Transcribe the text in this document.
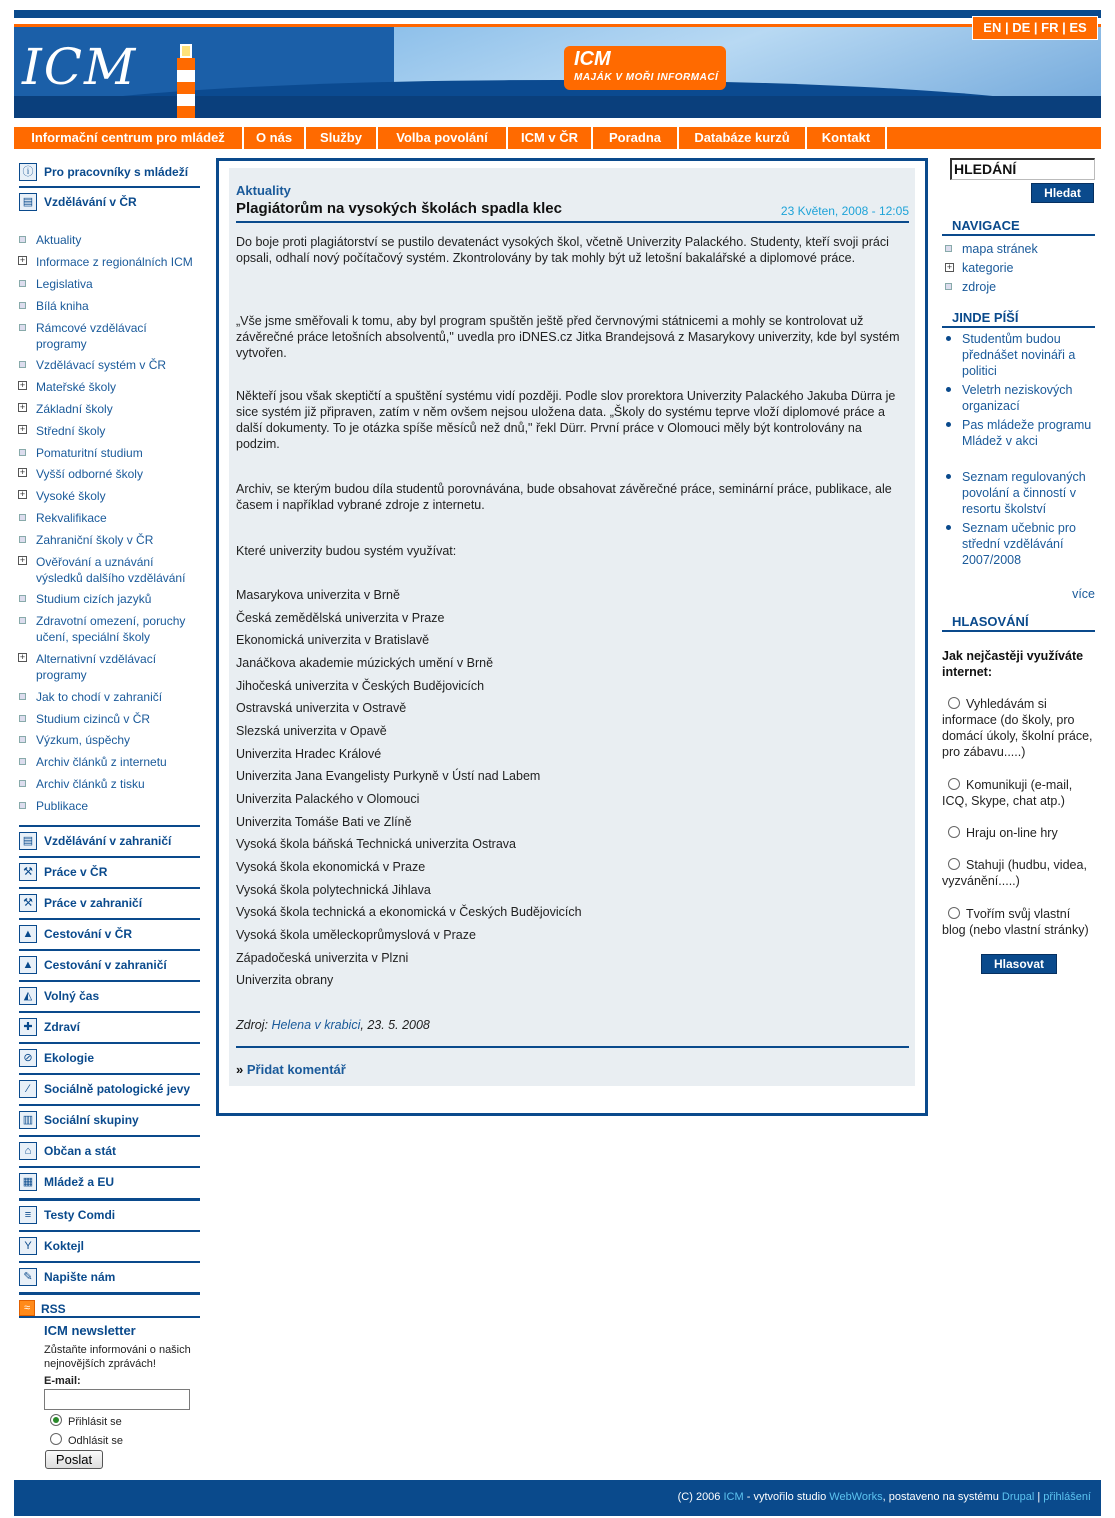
ICM	ICM
MAJÁK V MOŘI INFORMACÍ
EN | DE | FR | ES
Informační centrum pro mládež	O nás	Služby	Volba povolání	ICM v ČR	Poradna	Databáze kurzů	Kontakt
ⓘ Pro pracovníky s mládeží
▤ Vzdělávání v ČR
Aktuality
+ Informace z regionálních ICM
Legislativa
Bílá kniha
Rámcové vzdělávací programy
Vzdělávací systém v ČR
+ Mateřské školy
+ Základní školy
+ Střední školy
Pomaturitní studium
+ Vyšší odborné školy
+ Vysoké školy
Rekvalifikace
Zahraniční školy v ČR
+ Ověřování a uznávání výsledků dalšího vzdělávání
Studium cizích jazyků
Zdravotní omezení, poruchy učení, speciální školy
+ Alternativní vzdělávací programy
Jak to chodí v zahraničí
Studium cizinců v ČR
Výzkum, úspěchy
Archiv článků z internetu
Archiv článků z tisku
Publikace
▤ Vzdělávání v zahraničí
⚒ Práce v ČR
⚒ Práce v zahraničí
▲ Cestování v ČR
▲ Cestování v zahraničí
◭ Volný čas
✚ Zdraví
⊘ Ekologie
⁄	Sociálně patologické jevy
▥ Sociální skupiny
⌂	Občan a stát
▦ Mládež a EU
≡	Testy Comdi
Y	Koktejl
✎ Napište nám
≈ RSS
ICM newsletter
Zůstaňte informováni o našich nejnovějších zprávách!
E-mail:
Přihlásit se
Odhlásit se
Poslat
Aktuality
Plagiátorům na vysokých školách spadla klec	23 Květen, 2008 - 12:05
Do boje proti plagiátorství se pustilo devatenáct vysokých škol, včetně Univerzity Palackého. Studenty, kteří svoji práci opsali, odhalí nový počítačový systém. Zkontrolovány by tak mohly být už letošní bakalářské a diplomové práce.
„Vše jsme směřovali k tomu, aby byl program spuštěn ještě před červnovými státnicemi a mohly se kontrolovat už závěrečné práce letošních absolventů," uvedla pro iDNES.cz Jitka Brandejsová z Masarykovy univerzity, kde byl systém vytvořen.
Někteří jsou však skeptičtí a spuštění systému vidí později. Podle slov prorektora Univerzity Palackého Jakuba Dürra je sice systém již připraven, zatím v něm ovšem nejsou uložena data. „Školy do systému teprve vloží diplomové práce a další dokumenty. To je otázka spíše měsíců než dnů," řekl Dürr. První práce v Olomouci měly být kontrolovány na podzim.
Archiv, se kterým budou díla studentů porovnávána, bude obsahovat závěrečné práce, seminární práce, publikace, ale časem i například vybrané zdroje z internetu.
Které univerzity budou systém využívat:
Masarykova univerzita v Brně
Česká zemědělská univerzita v Praze
Ekonomická univerzita v Bratislavě
Janáčkova akademie múzických umění v Brně
Jihočeská univerzita v Českých Budějovicích
Ostravská univerzita v Ostravě
Slezská univerzita v Opavě
Univerzita Hradec Králové
Univerzita Jana Evangelisty Purkyně v Ústí nad Labem
Univerzita Palackého v Olomouci
Univerzita Tomáše Bati ve Zlíně
Vysoká škola báňská Technická univerzita Ostrava
Vysoká škola ekonomická v Praze
Vysoká škola polytechnická Jihlava
Vysoká škola technická a ekonomická v Českých Budějovicích
Vysoká škola uměleckoprůmyslová v Praze
Západočeská univerzita v Plzni
Univerzita obrany
Zdroj: Helena v krabici, 23. 5. 2008
» Přidat komentář
HLEDÁNÍ
Hledat
NAVIGACE
mapa stránek
+ kategorie
zdroje
JINDE PÍŠÍ
Studentům budou přednášet novináři a politici
Veletrh neziskových organizací
Pas mládeže programu Mládež v akci
Seznam regulovaných povolání a činností v resortu školství
Seznam učebnic pro střední vzdělávání 2007/2008
více
HLASOVÁNÍ
Jak nejčastěji využíváte internet:
Vyhledávám si informace (do školy, pro domácí úkoly, školní práce, pro zábavu.....)
Komunikuji (e-mail, ICQ, Skype, chat atp.)
Hraju on-line hry
Stahuji (hudbu, videa, vyzvánění.....)
Tvořím svůj vlastní blog (nebo vlastní stránky)
Hlasovat
(C) 2006 ICM - vytvořilo studio WebWorks, postaveno na systému Drupal | přihlášení
